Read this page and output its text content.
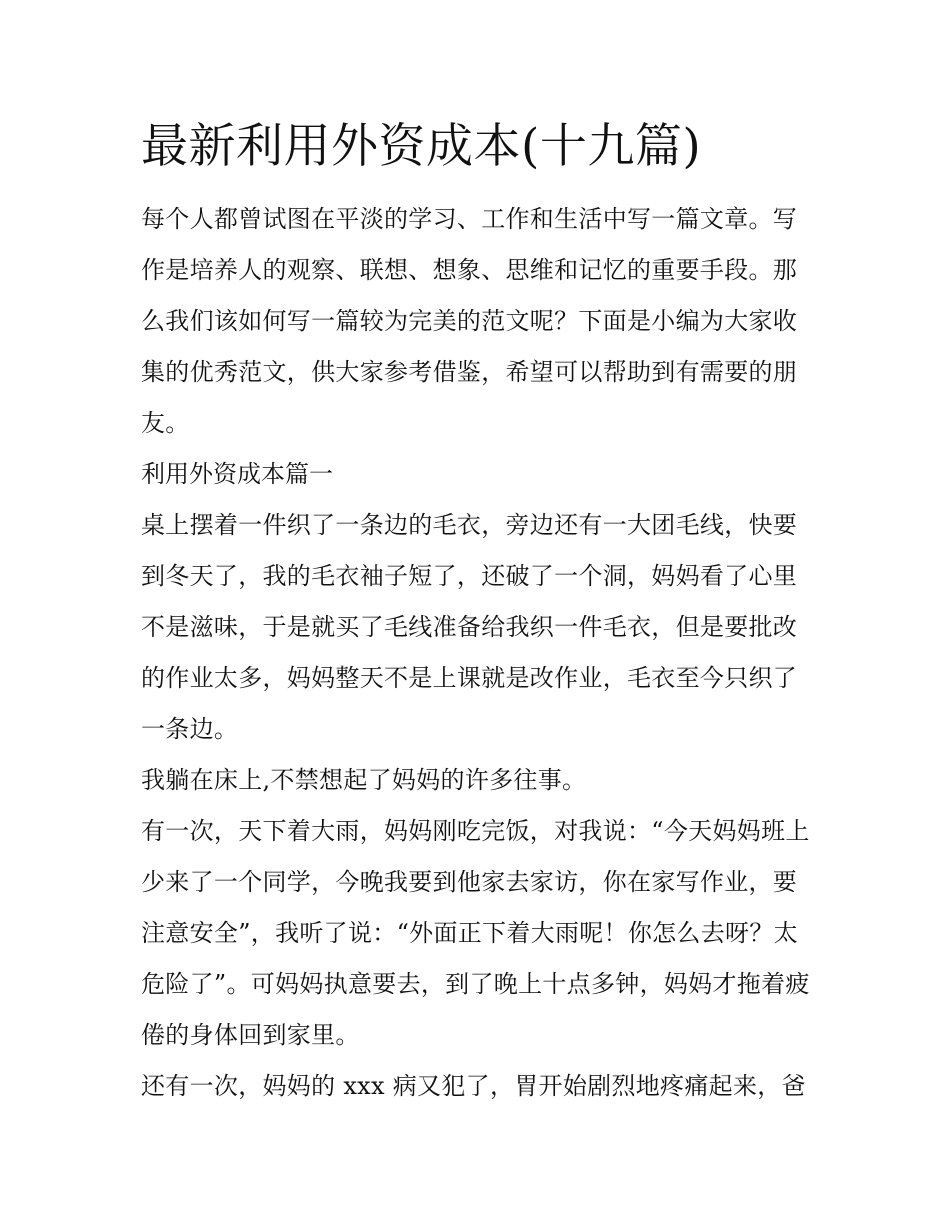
最新利用外资成本(十九篇)

每个人都曾试图在平淡的学习、工作和生活中写一篇文章。写作是培养人的观察、联想、想象、思维和记忆的重要手段。那么我们该如何写一篇较为完美的范文呢？下面是小编为大家收集的优秀范文，供大家参考借鉴，希望可以帮助到有需要的朋友。

利用外资成本篇一

桌上摆着一件织了一条边的毛衣，旁边还有一大团毛线，快要到冬天了，我的毛衣袖子短了，还破了一个洞，妈妈看了心里不是滋味，于是就买了毛线准备给我织一件毛衣，但是要批改的作业太多，妈妈整天不是上课就是改作业，毛衣至今只织了一条边。

我躺在床上,不禁想起了妈妈的许多往事。

有一次，天下着大雨，妈妈刚吃完饭，对我说：“今天妈妈班上少来了一个同学，今晚我要到他家去家访，你在家写作业，要注意安全”，我听了说：“外面正下着大雨呢！你怎么去呀？太危险了”。可妈妈执意要去，到了晚上十点多钟，妈妈才拖着疲倦的身体回到家里。

还有一次，妈妈的 xxx 病又犯了，胃开始剧烈地疼痛起来，爸
